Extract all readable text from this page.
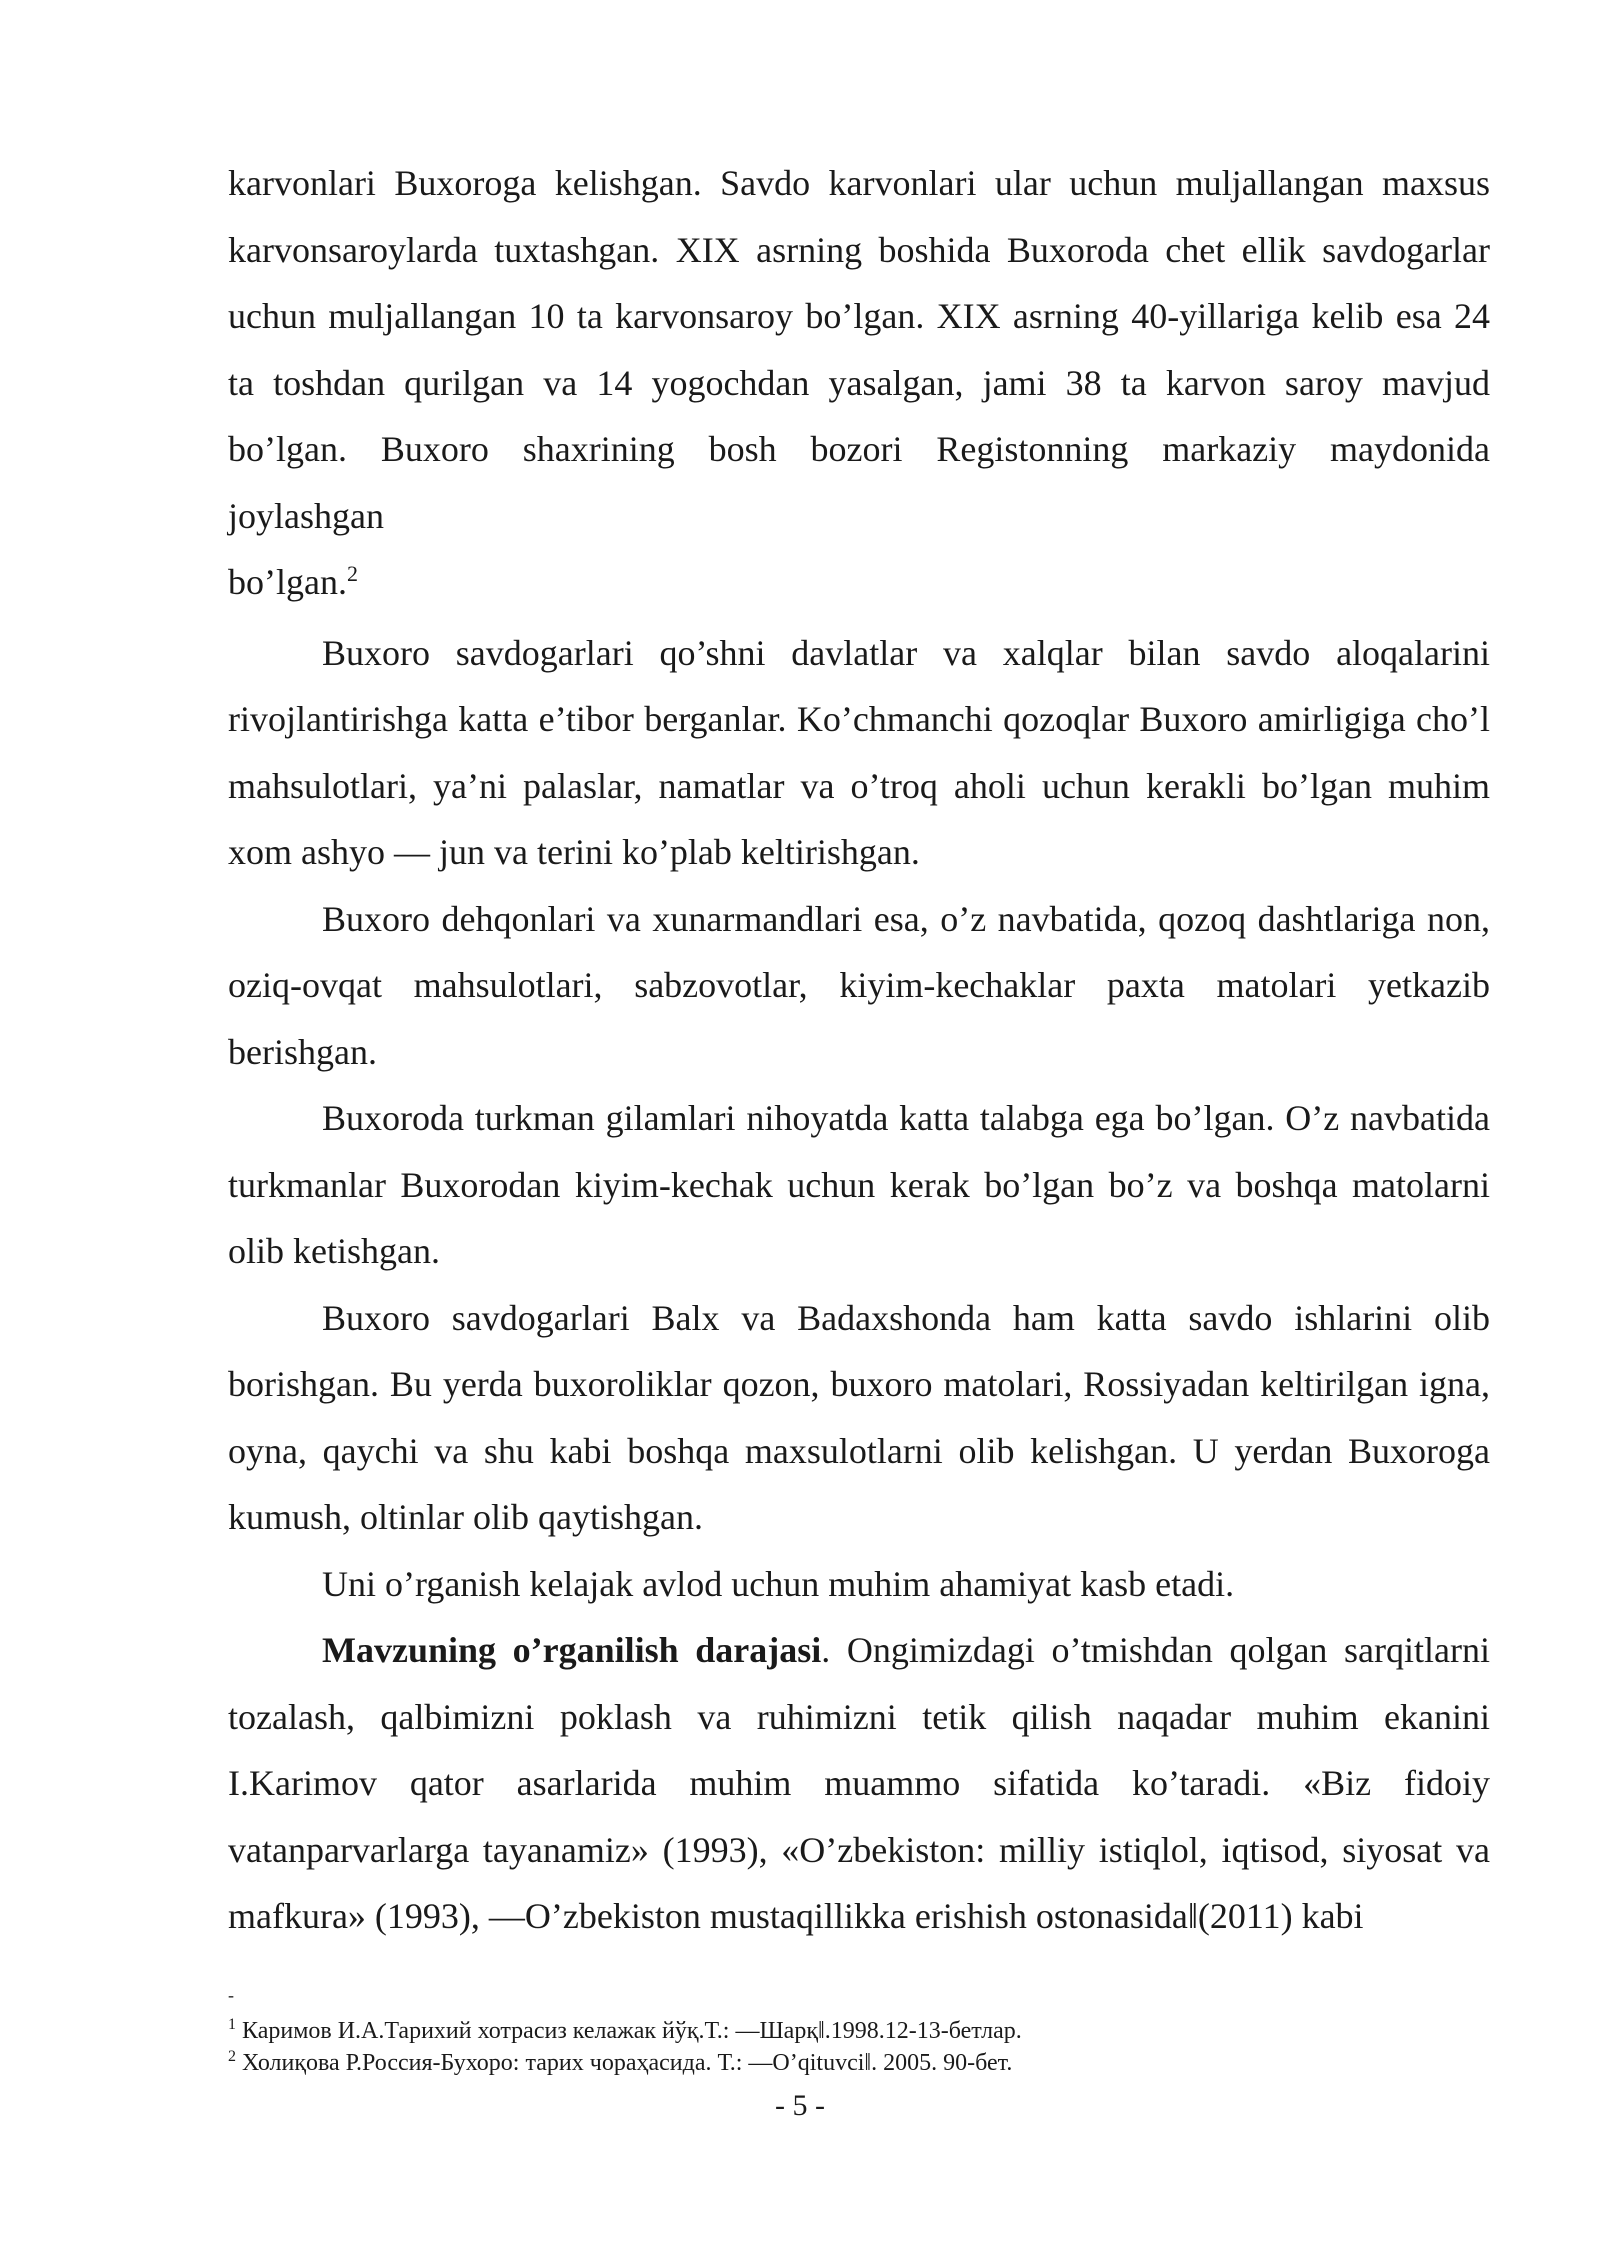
karvonlari Buxoroga kelishgan. Savdo karvonlari ular uchun muljallangan maxsus
karvonsaroylarda tuxtashgan. XIX asrning boshida Buxoroda chet ellik savdogarlar
uchun muljallangan 10 ta karvonsaroy bo’lgan. XIX asrning 40-yillariga kelib esa 24
ta toshdan qurilgan va 14 yogochdan yasalgan, jami 38 ta karvon saroy mavjud
bo’lgan. Buxoro shaxrining bosh bozori Registonning markaziy maydonida
joylashgan
bo’lgan.$^2$

Buxoro savdogarlari qo’shni davlatlar va xalqlar bilan savdo aloqalarini rivojlantirishga katta e’tibor berganlar. Ko’chmanchi qozoqlar Buxoro amirligiga cho’l mahsulotlari, ya’ni palaslar, namatlar va o’troq aholi uchun kerakli bo’lgan muhim xom ashyo — jun va terini ko’plab keltirishgan.

Buxoro dehqonlari va xunarmandlari esa, o’z navbatida, qozoq dashtlariga non, oziq-ovqat mahsulotlari, sabzovotlar, kiyim-kechaklar paxta matolari yetkazib berishgan.

Buxoroda turkman gilamlari nihoyatda katta talabga ega bo’lgan. O’z navbatida turkmanlar Buxorodan kiyim-kechak uchun kerak bo’lgan bo’z va boshqa matolarni olib ketishgan.

Buxoro savdogarlari Balx va Badaxshonda ham katta savdo ishlarini olib borishgan. Bu yerda buxoroliklar qozon, buxoro matolari, Rossiyadan keltirilgan igna, oyna, qaychi va shu kabi boshqa maxsulotlarni olib kelishgan. U yerdan Buxoroga kumush, oltinlar olib qaytishgan.

Uni o’rganish kelajak avlod uchun muhim ahamiyat kasb etadi.

Mavzuning o’rganilish darajasi. Ongimizdagi o’tmishdan qolgan sarqitlarni tozalash, qalbimizni poklash va ruhimizni tetik qilish naqadar muhim ekanini I.Karimov qator asarlarida muhim muammo sifatida ko’taradi. «Biz fidoiy vatanparvarlarga tayanamiz» (1993), «O’zbekiston: milliy istiqlol, iqtisod, siyosat va mafkura» (1993), ―O’zbekiston mustaqillikka erishish ostonasida‖(2011) kabi

-

$^1$ Каримов И.А.Тарихий хотрасиз келажак йўқ.Т.: ―Шарқ‖.1998.12-13-бетлар.

$^2$ Холиқова Р.Россия-Бухоро: тарих чораҳасида. Т.: ―O’qituvci‖. 2005. 90-бет.

- 5 -
